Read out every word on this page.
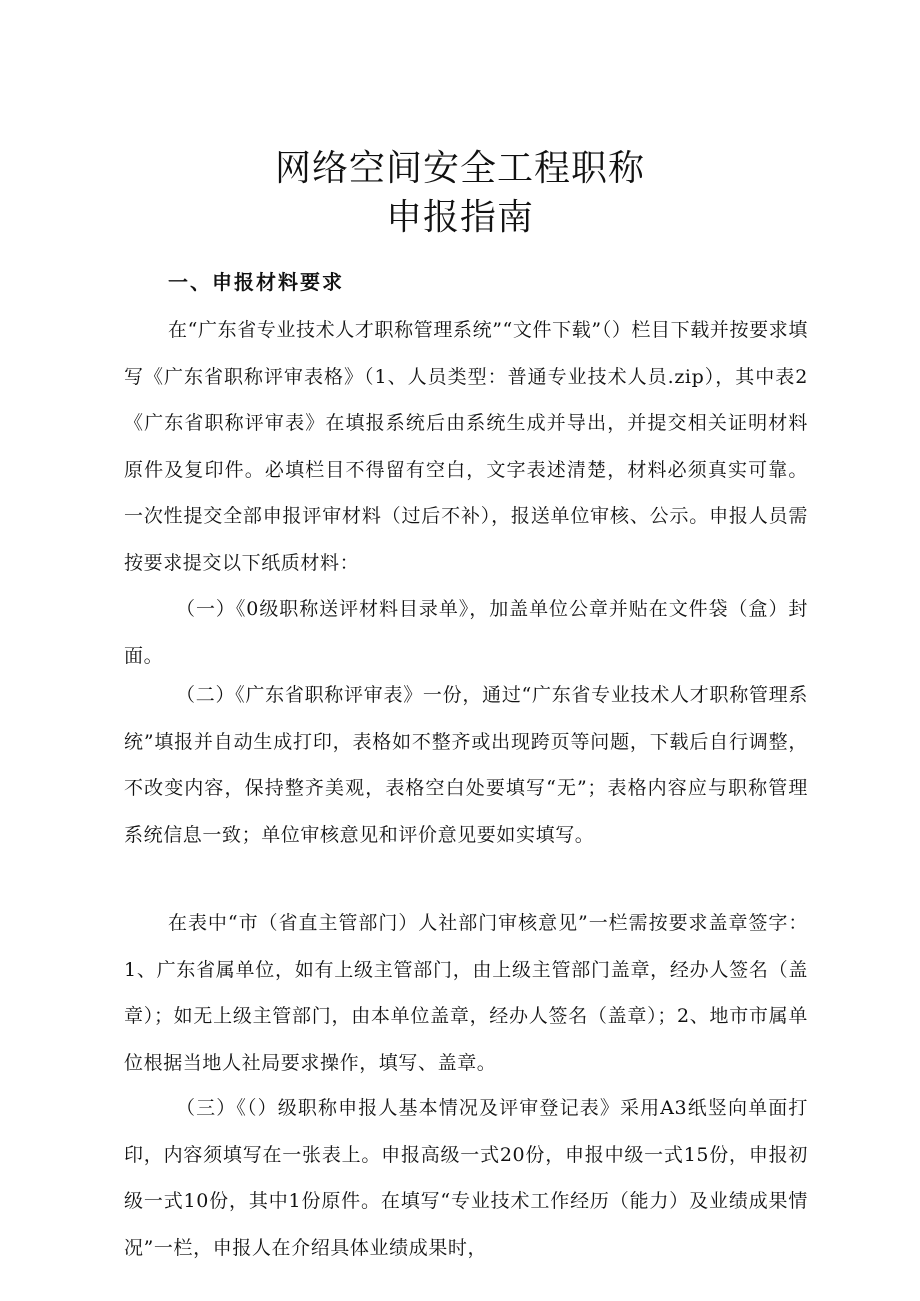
网络空间安全工程职称
申报指南
一、申报材料要求

在“广东省专业技术人才职称管理系统”“文件下载”（）栏目下载并按要求填写《广东省职称评审表格》（1、人员类型：普通专业技术人员.zip），其中表2《广东省职称评审表》在填报系统后由系统生成并导出，并提交相关证明材料原件及复印件。必填栏目不得留有空白，文字表述清楚，材料必须真实可靠。一次性提交全部申报评审材料（过后不补），报送单位审核、公示。申报人员需按要求提交以下纸质材料：

（一）《0级职称送评材料目录单》，加盖单位公章并贴在文件袋（盒）封面。

（二）《广东省职称评审表》一份，通过“广东省专业技术人才职称管理系统”填报并自动生成打印，表格如不整齐或出现跨页等问题，下载后自行调整，不改变内容，保持整齐美观，表格空白处要填写“无”；表格内容应与职称管理系统信息一致；单位审核意见和评价意见要如实填写。

在表中“市（省直主管部门）人社部门审核意见”一栏需按要求盖章签字：1、广东省属单位，如有上级主管部门，由上级主管部门盖章，经办人签名（盖章）；如无上级主管部门，由本单位盖章，经办人签名（盖章）；2、地市市属单位根据当地人社局要求操作，填写、盖章。

（三）《（）级职称申报人基本情况及评审登记表》采用A3纸竖向单面打印，内容须填写在一张表上。申报高级一式20份，申报中级一式15份，申报初级一式10份，其中1份原件。在填写“专业技术工作经历（能力）及业绩成果情况”一栏，申报人在介绍具体业绩成果时，
